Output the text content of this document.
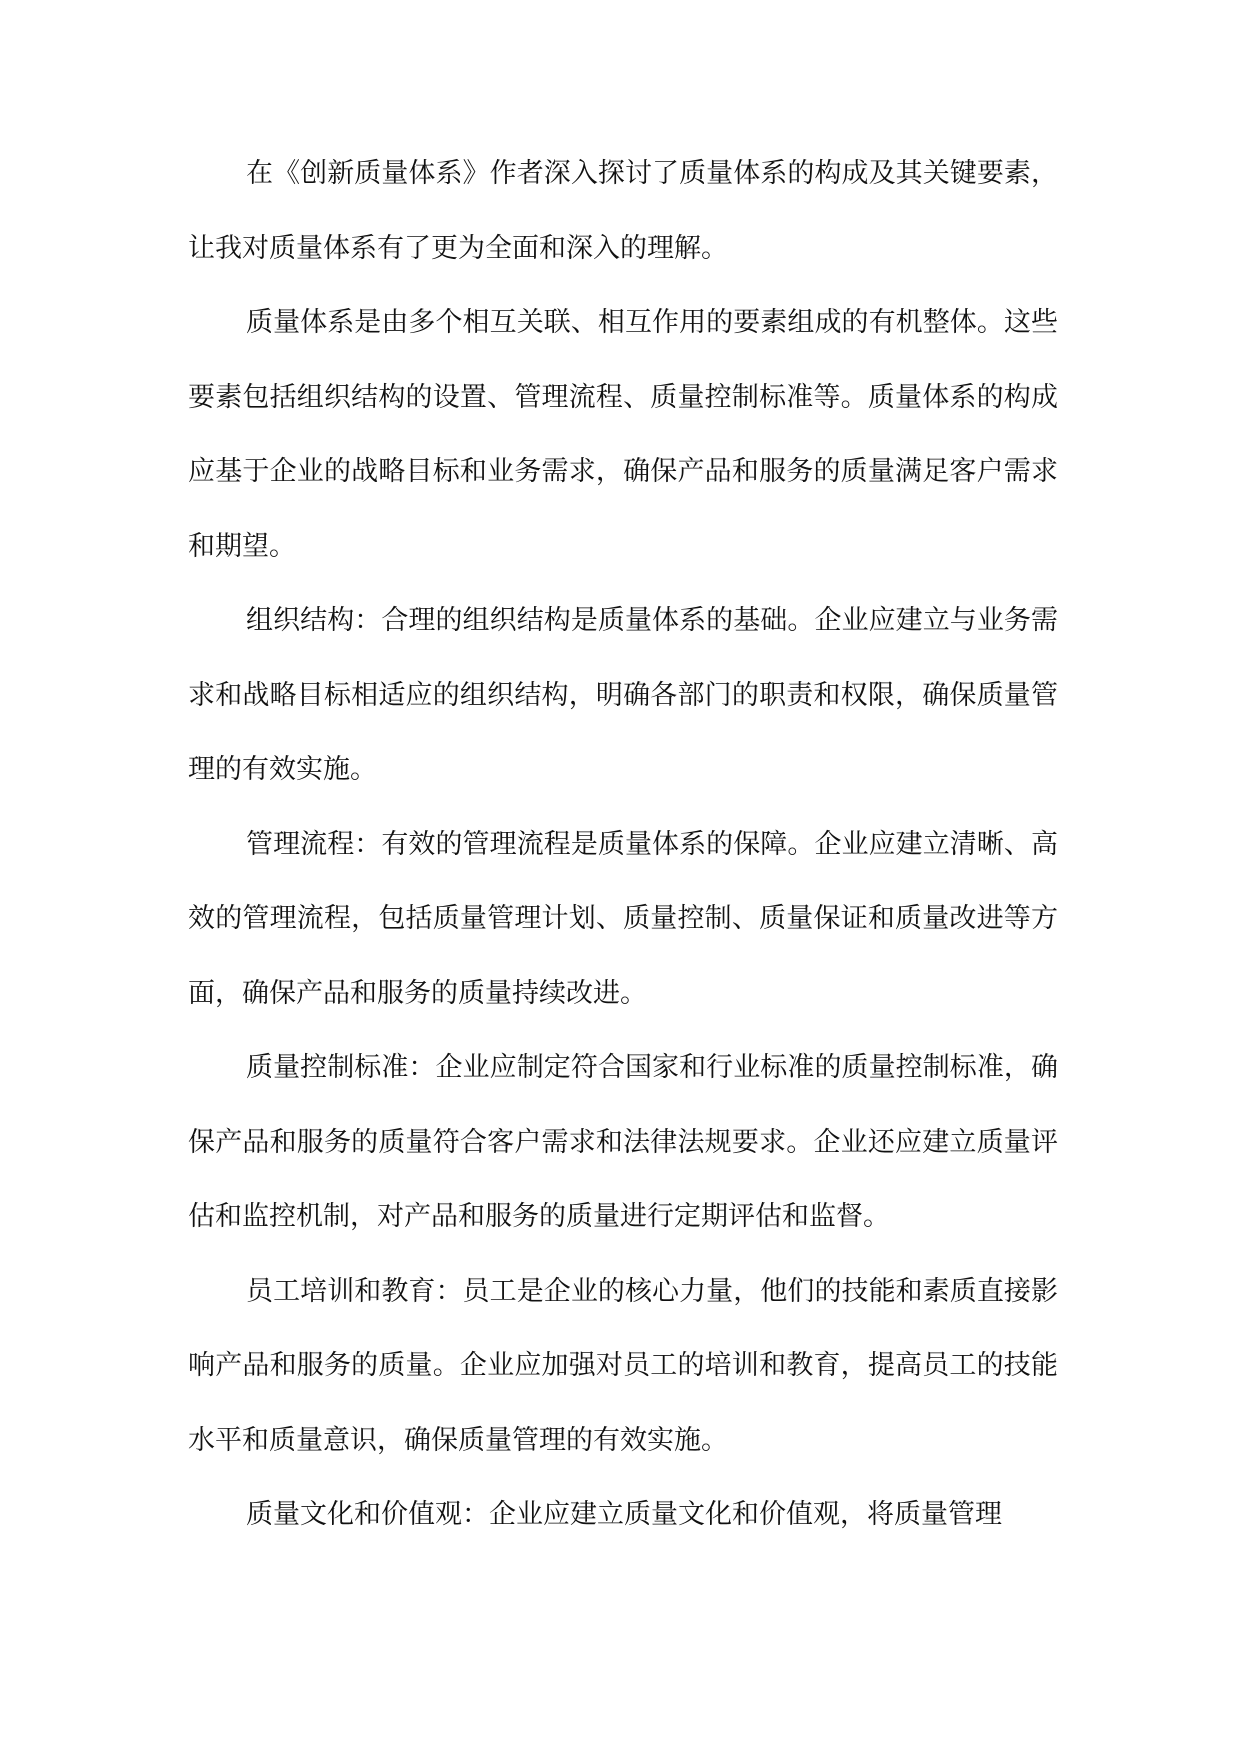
在《创新质量体系》作者深入探讨了质量体系的构成及其关键要素，让我对质量体系有了更为全面和深入的理解。

质量体系是由多个相互关联、相互作用的要素组成的有机整体。这些要素包括组织结构的设置、管理流程、质量控制标准等。质量体系的构成应基于企业的战略目标和业务需求，确保产品和服务的质量满足客户需求和期望。

组织结构：合理的组织结构是质量体系的基础。企业应建立与业务需求和战略目标相适应的组织结构，明确各部门的职责和权限，确保质量管理的有效实施。

管理流程：有效的管理流程是质量体系的保障。企业应建立清晰、高效的管理流程，包括质量管理计划、质量控制、质量保证和质量改进等方面，确保产品和服务的质量持续改进。

质量控制标准：企业应制定符合国家和行业标准的质量控制标准，确保产品和服务的质量符合客户需求和法律法规要求。企业还应建立质量评估和监控机制，对产品和服务的质量进行定期评估和监督。

员工培训和教育：员工是企业的核心力量，他们的技能和素质直接影响产品和服务的质量。企业应加强对员工的培训和教育，提高员工的技能水平和质量意识，确保质量管理的有效实施。

质量文化和价值观：企业应建立质量文化和价值观，将质量管理
